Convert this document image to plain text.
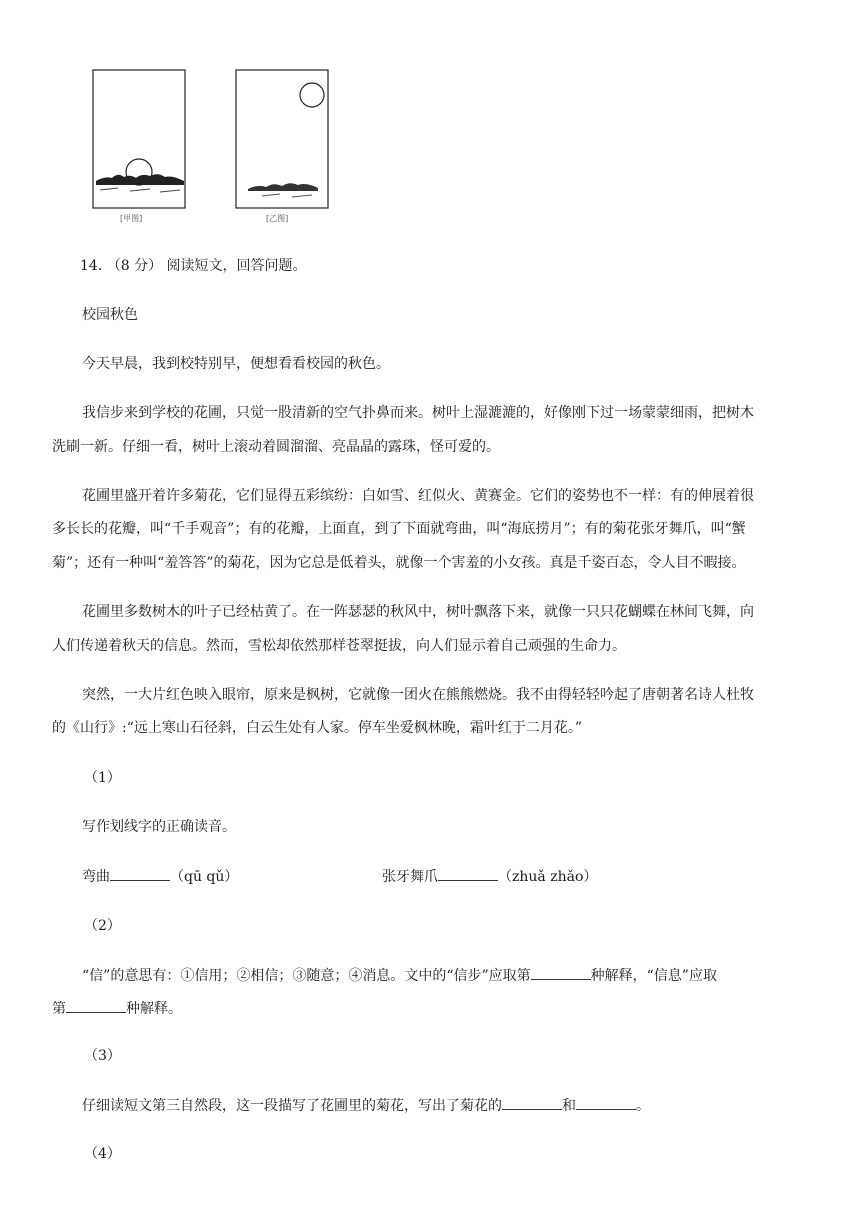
[甲图]	[乙图]
14. （8 分） 阅读短文，回答问题。
校园秋色
今天早晨，我到校特别早，便想看看校园的秋色。
我信步来到学校的花圃，只觉一股清新的空气扑鼻而来。树叶上湿漉漉的，好像刚下过一场蒙蒙细雨，把树木
洗刷一新。仔细一看，树叶上滚动着圆溜溜、亮晶晶的露珠，怪可爱的。
花圃里盛开着许多菊花，它们显得五彩缤纷：白如雪、红似火、黄赛金。它们的姿势也不一样：有的伸展着很
多长长的花瓣，叫“千手观音”；有的花瓣，上面直，到了下面就弯曲，叫“海底捞月”；有的菊花张牙舞爪，叫“蟹
菊”；还有一种叫“羞答答”的菊花，因为它总是低着头，就像一个害羞的小女孩。真是千姿百态，令人目不暇接。
花圃里多数树木的叶子已经枯黄了。在一阵瑟瑟的秋风中，树叶飘落下来，就像一只只花蝴蝶在林间飞舞，向
人们传递着秋天的信息。然而，雪松却依然那样苍翠挺拔，向人们显示着自己顽强的生命力。
突然，一大片红色映入眼帘，原来是枫树，它就像一团火在熊熊燃烧。我不由得轻轻吟起了唐朝著名诗人杜牧
的《山行》:“远上寒山石径斜，白云生处有人家。停车坐爱枫林晚，霜叶红于二月花。”
（1）
写作划线字的正确读音。
弯曲	（qū qǔ）	张牙舞爪	（zhuǎ zhǎo）
（2）
“信”的意思有：①信用；②相信；③随意；④消息。文中的“信步”应取第	种解释，“信息”应取
第	种解释。
（3）
仔细读短文第三自然段，这一段描写了花圃里的菊花，写出了菊花的	和	。
（4）
